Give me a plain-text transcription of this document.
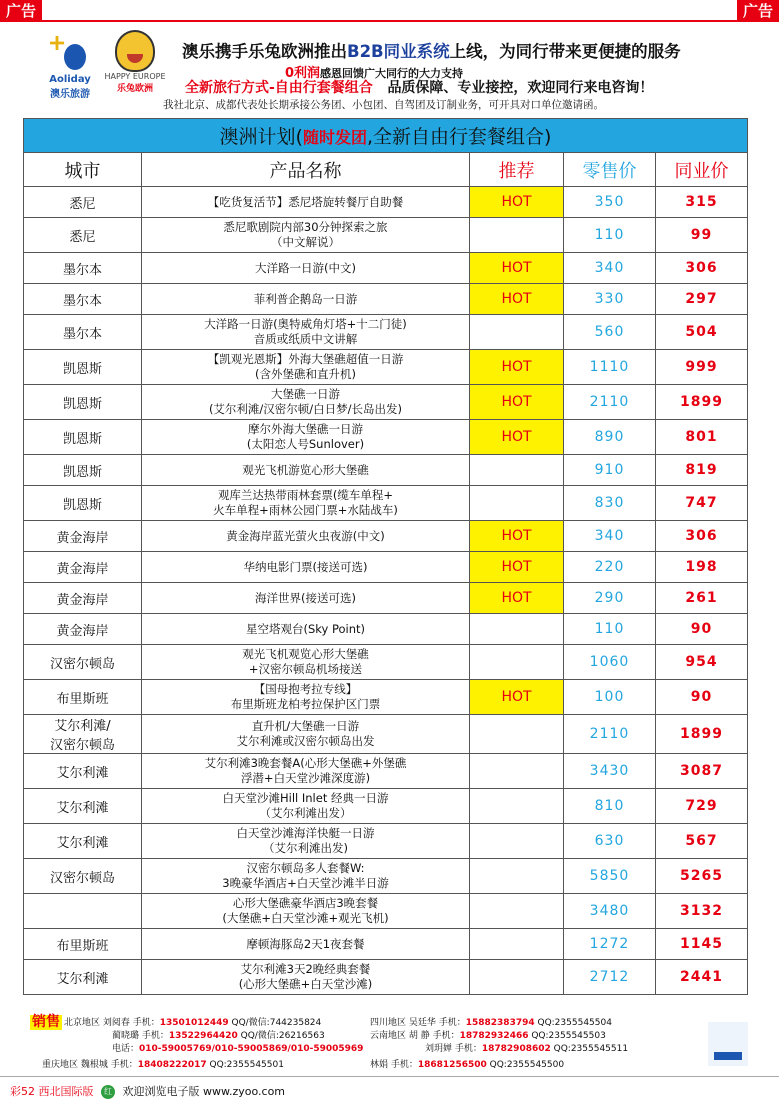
广告	广告
Aoliday
澳乐旅游
HAPPY EUROPE
乐兔欧洲
澳乐携手乐兔欧洲推出B2B同业系统上线，为同行带来更便捷的服务
0利润感恩回馈广大同行的大力支持
全新旅行方式-自由行套餐组合 品质保障、专业接控，欢迎同行来电咨询！
我社北京、成都代表处长期承接公务团、小包团、自驾团及订制业务，可开具对口单位邀请函。
澳洲计划(随时发团,全新自由行套餐组合)				
城市	产品名称	推荐	零售价	同业价
悉尼	【吃货复活节】悉尼塔旋转餐厅自助餐	HOT	350	315
悉尼	悉尼歌剧院内部30分钟探索之旅
（中文解说）		110	99
墨尔本	大洋路一日游(中文)	HOT	340	306
墨尔本	菲利普企鹅岛一日游	HOT	330	297
墨尔本	大洋路一日游(奥特威角灯塔+十二门徒)
音质或纸质中文讲解		560	504
凯恩斯	【凯观光恩斯】外海大堡礁超值一日游
(含外堡礁和直升机)	HOT	1110	999
凯恩斯	大堡礁一日游
(艾尔利滩/汉密尔顿/白日梦/长岛出发)	HOT	2110	1899
凯恩斯	摩尔外海大堡礁一日游
(太阳恋人号Sunlover)	HOT	890	801
凯恩斯	观光飞机游览心形大堡礁		910	819
凯恩斯	观库兰达热带雨林套票(缆车单程+
火车单程+雨林公园门票+水陆战车)		830	747
黄金海岸	黄金海岸蓝光萤火虫夜游(中文)	HOT	340	306
黄金海岸	华纳电影门票(接送可选)	HOT	220	198
黄金海岸	海洋世界(接送可选)	HOT	290	261
黄金海岸	星空塔观台(Sky Point)		110	90
汉密尔顿岛	观光飞机观览心形大堡礁
+汉密尔顿岛机场接送		1060	954
布里斯班	【国母抱考拉专线】
布里斯班龙柏考拉保护区门票	HOT	100	90
艾尔利滩/
汉密尔顿岛	直升机/大堡礁一日游
艾尔利滩或汉密尔顿岛出发		2110	1899
艾尔利滩	艾尔利滩3晚套餐A(心形大堡礁+外堡礁
浮潜+白天堂沙滩深度游)		3430	3087
艾尔利滩	白天堂沙滩Hill Inlet 经典一日游
（艾尔利滩出发）		810	729
艾尔利滩	白天堂沙滩海洋快艇一日游
（艾尔利滩出发)		630	567
汉密尔顿岛	汉密尔顿岛多人套餐W:
3晚豪华酒店+白天堂沙滩半日游		5850	5265
	心形大堡礁豪华酒店3晚套餐
(大堡礁+白天堂沙滩+观光飞机)		3480	3132
布里斯班	摩顿海豚岛2天1夜套餐		1272	1145
艾尔利滩	艾尔利滩3天2晚经典套餐
(心形大堡礁+白天堂沙滩)		2712	2441
销售 北京地区 刘阅春 手机：13501012449 QQ/微信:744235824	四川地区 吴廷华 手机：15882383794 QQ:2355545504
蔺晓璐 手机：13522964420 QQ/微信:26216563	云南地区 胡 静 手机：18782932466 QQ:2355545503
电话：010-59005769/010-59005869/010-59005969	刘玥婵 手机：18782908602 QQ:2355545511
重庆地区 魏根城 手机：18408222017 QQ:2355545501	林娟 手机：18681256500 QQ:2355545500
彩52 西北国际版 红 欢迎浏览电子版 www.zyoo.com
